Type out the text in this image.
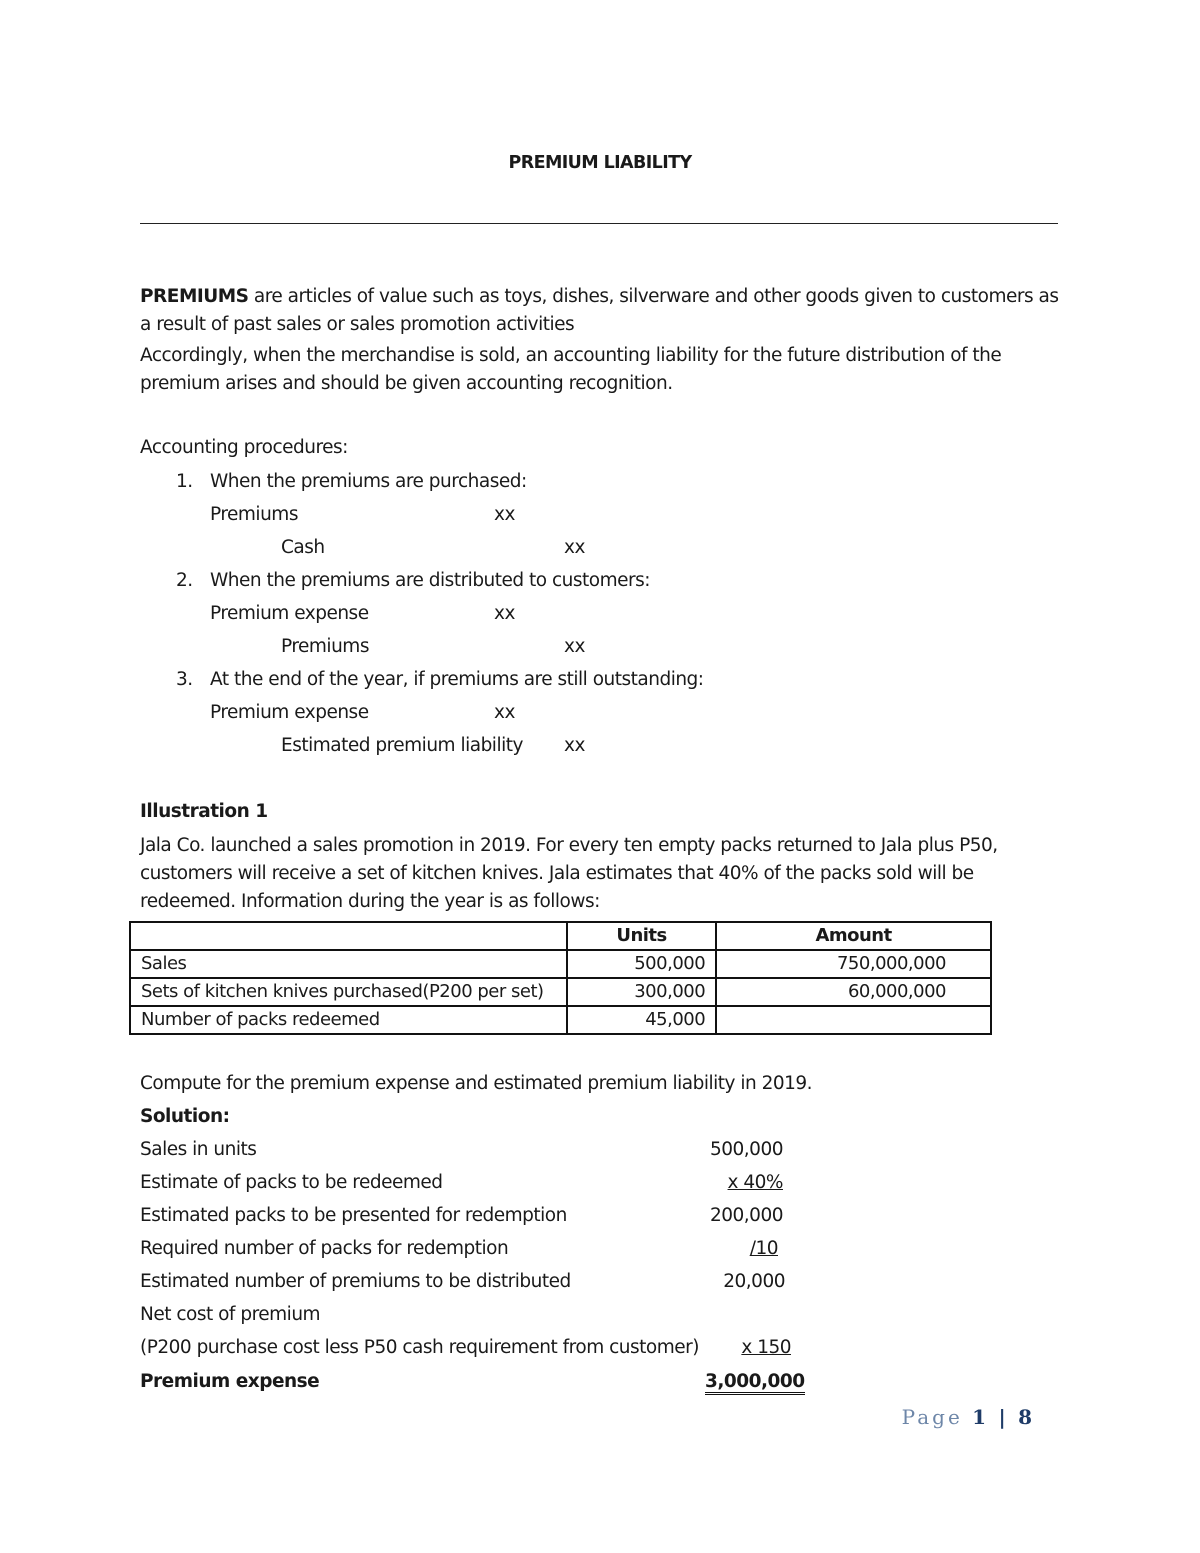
PREMIUM LIABILITY
PREMIUMS are articles of value such as toys, dishes, silverware and other goods given to customers as a result of past sales or sales promotion activities
Accordingly, when the merchandise is sold, an accounting liability for the future distribution of the premium arises and should be given accounting recognition.
Accounting procedures:
1. When the premiums are purchased:
Premiums	xx
Cash	xx
2. When the premiums are distributed to customers:
Premium expense	xx
Premiums	xx
3. At the end of the year, if premiums are still outstanding:
Premium expense	xx
Estimated premium liability xx
Illustration 1
Jala Co. launched a sales promotion in 2019. For every ten empty packs returned to Jala plus P50, customers will receive a set of kitchen knives. Jala estimates that 40% of the packs sold will be redeemed. Information during the year is as follows:
	Units	Amount
Sales	500,000	750,000,000
Sets of kitchen knives purchased(P200 per set)	300,000	60,000,000
Number of packs redeemed	45,000	
Compute for the premium expense and estimated premium liability in 2019.
Solution:
Sales in units	500,000
Estimate of packs to be redeemed	x 40%
Estimated packs to be presented for redemption	200,000
Required number of packs for redemption	/10
Estimated number of premiums to be distributed	20,000
Net cost of premium
(P200 purchase cost less P50 cash requirement from customer)	x 150
Premium expense	3,000,000
Page 1 | 8
